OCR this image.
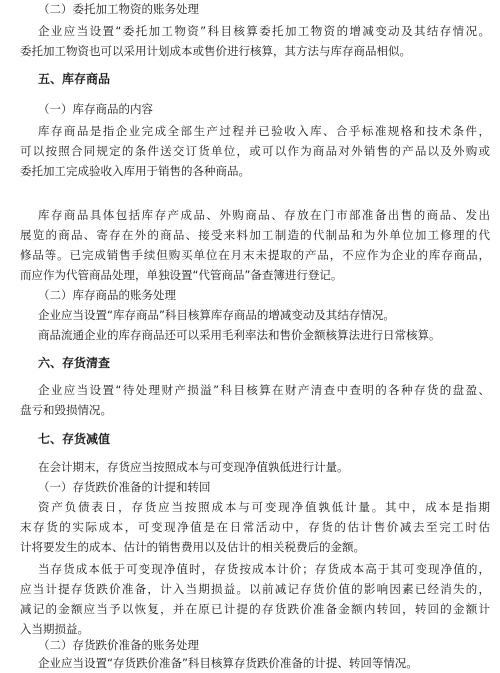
（二）委托加工物资的账务处理
企业应当设置“委托加工物资”科目核算委托加工物资的增减变动及其结存情况。
委托加工物资也可以采用计划成本或售价进行核算，其方法与库存商品相似。
五、库存商品
（一）库存商品的内容
库存商品是指企业完成全部生产过程并已验收入库、合乎标准规格和技术条件，
可以按照合同规定的条件送交订货单位，或可以作为商品对外销售的产品以及外购或
委托加工完成验收入库用于销售的各种商品。
库存商品具体包括库存产成品、外购商品、存放在门市部准备出售的商品、发出
展览的商品、寄存在外的商品、接受来料加工制造的代制品和为外单位加工修理的代
修品等。已完成销售手续但购买单位在月末未提取的产品，不应作为企业的库存商品，
而应作为代管商品处理，单独设置“代管商品”备查簿进行登记。
（二）库存商品的账务处理
企业应当设置“库存商品”科目核算库存商品的增减变动及其结存情况。
商品流通企业的库存商品还可以采用毛利率法和售价金额核算法进行日常核算。
六、存货清查
企业应当设置“待处理财产损溢”科目核算在财产清查中查明的各种存货的盘盈、
盘亏和毁损情况。
七、存货减值
在会计期末，存货应当按照成本与可变现净值孰低进行计量。
（一）存货跌价准备的计提和转回
资产负债表日，存货应当按照成本与可变现净值孰低计量。其中，成本是指期
末存货的实际成本，可变现净值是在日常活动中，存货的估计售价减去至完工时估
计将要发生的成本、估计的销售费用以及估计的相关税费后的金额。
当存货成本低于可变现净值时，存货按成本计价；存货成本高于其可变现净值的，
应当计提存货跌价准备，计入当期损益。以前减记存货价值的影响因素已经消失的，
减记的金额应当予以恢复，并在原已计提的存货跌价准备金额内转回，转回的金额计
入当期损益。
（二）存货跌价准备的账务处理
企业应当设置“存货跌价准备”科目核算存货跌价准备的计提、转回等情况。
